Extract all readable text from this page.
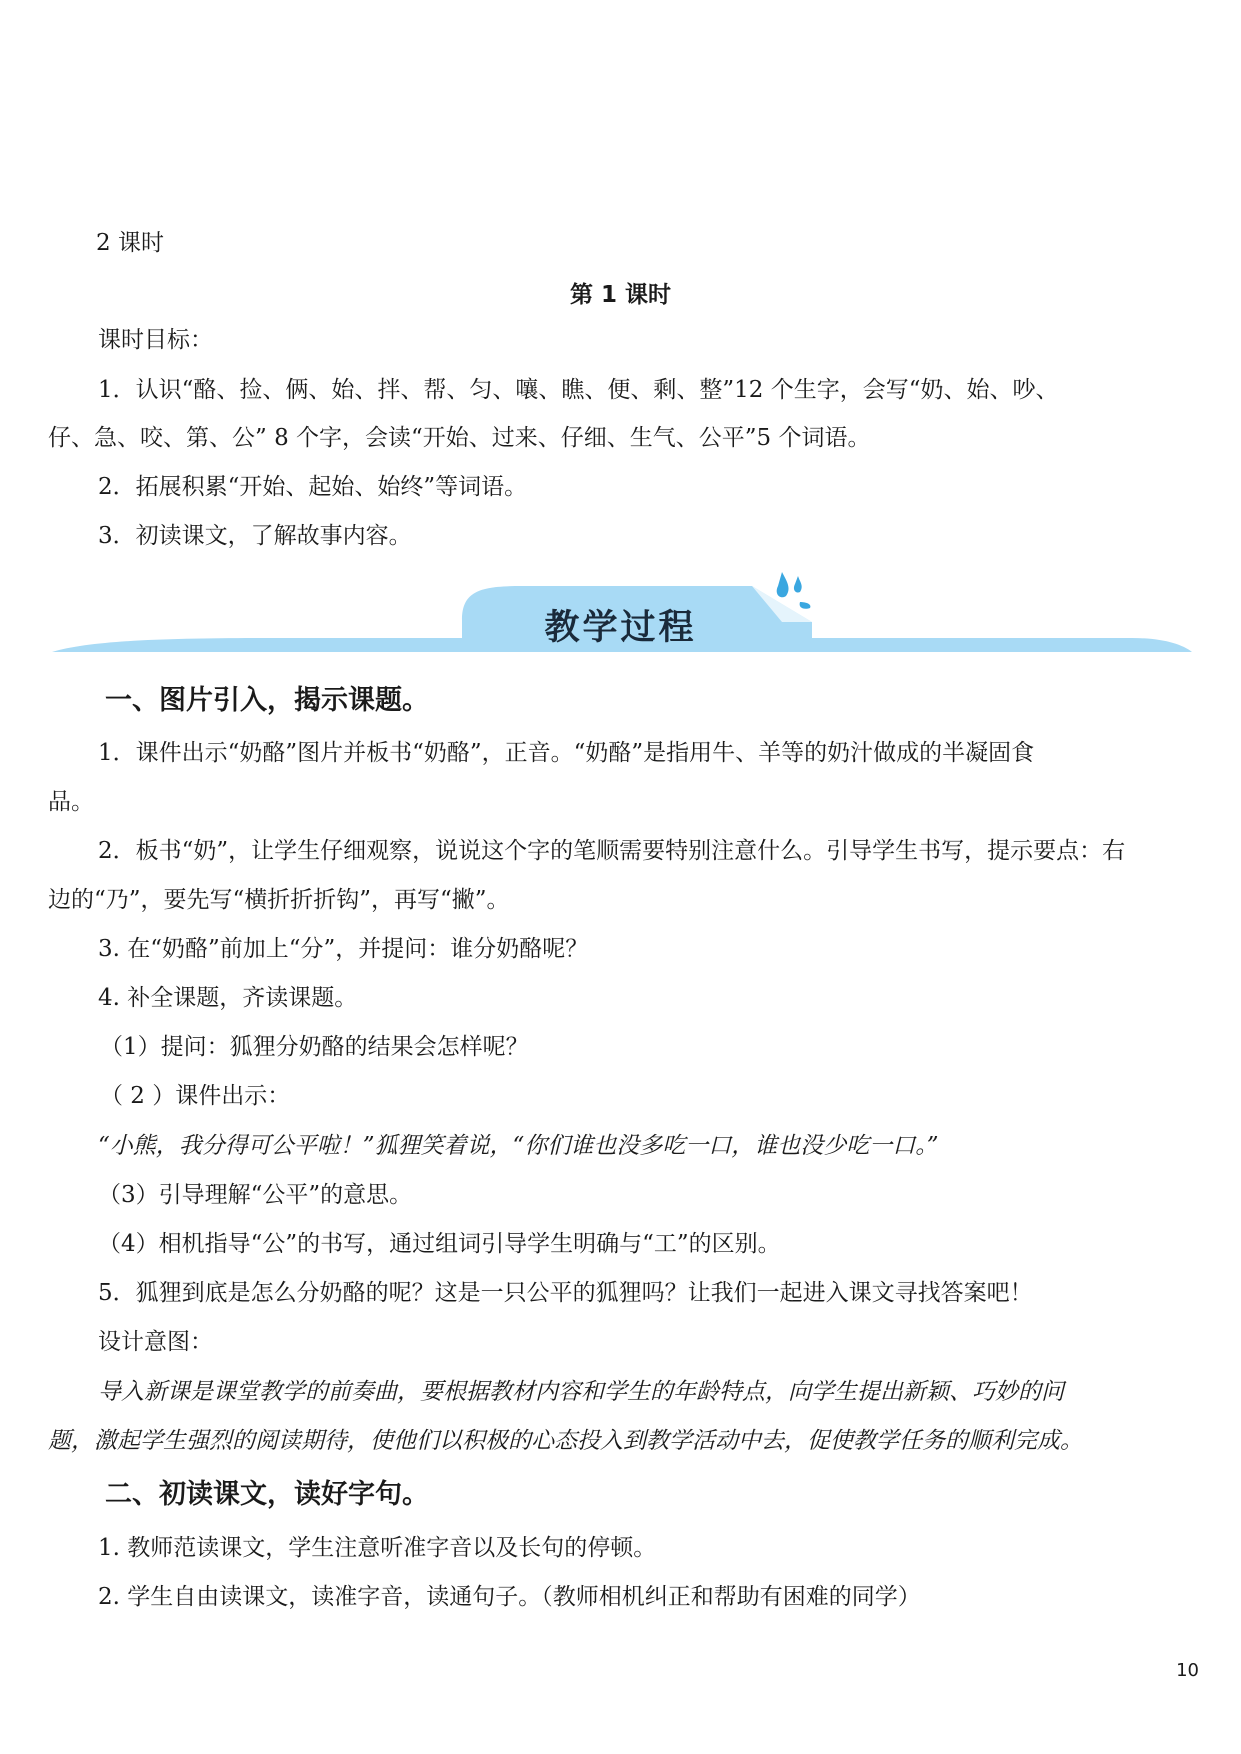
2 课时
第 1 课时
课时目标：
1．认识“酪、捡、俩、始、拌、帮、匀、嚷、瞧、便、剩、整”12 个生字，会写“奶、始、吵、
仔、急、咬、第、公” 8 个字，会读“开始、过来、仔细、生气、公平”5 个词语。
2．拓展积累“开始、起始、始终”等词语。
3．初读课文，了解故事内容。
教学过程
一、图片引入，揭示课题。
1．课件出示“奶酪”图片并板书“奶酪”，正音。“奶酪”是指用牛、羊等的奶汁做成的半凝固食
品。
2．板书“奶”，让学生仔细观察，说说这个字的笔顺需要特别注意什么。引导学生书写，提示要点：右
边的“乃”，要先写“横折折折钩”，再写“撇”。
3. 在“奶酪”前加上“分”，并提问：谁分奶酪呢？
4. 补全课题，齐读课题。
（1）提问：狐狸分奶酪的结果会怎样呢？
（ 2 ）课件出示：
“小熊，我分得可公平啦！”狐狸笑着说，“你们谁也没多吃一口，谁也没少吃一口。”
（3）引导理解“公平”的意思。
（4）相机指导“公”的书写，通过组词引导学生明确与“工”的区别。
5．狐狸到底是怎么分奶酪的呢？这是一只公平的狐狸吗？让我们一起进入课文寻找答案吧！
设计意图：
导入新课是课堂教学的前奏曲，要根据教材内容和学生的年龄特点，向学生提出新颖、巧妙的问
题，激起学生强烈的阅读期待，使他们以积极的心态投入到教学活动中去，促使教学任务的顺利完成。
二、初读课文，读好字句。
1. 教师范读课文，学生注意听准字音以及长句的停顿。
2. 学生自由读课文，读准字音，读通句子。（教师相机纠正和帮助有困难的同学）
10
